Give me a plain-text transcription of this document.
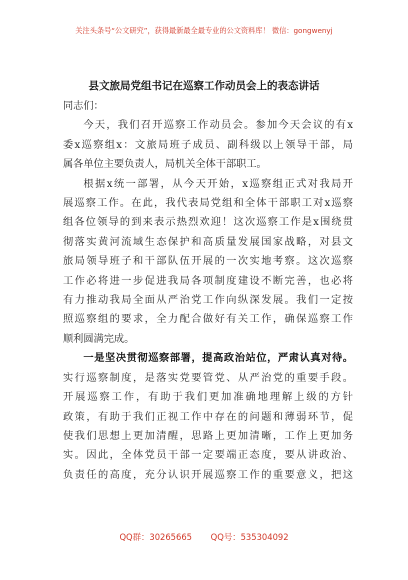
关注头条号“公文研究”，获得最新最全最专业的公文资料库！ 微信：gongwenyj
县文旅局党组书记在巡察工作动员会上的表态讲话

同志们：

今天，我们召开巡察工作动员会。参加今天会议的有x
委x巡察组x：文旅局班子成员、副科级以上领导干部，局
属各单位主要负责人，局机关全体干部职工。

根据x统一部署，从今天开始，x巡察组正式对我局开
展巡察工作。在此，我代表局党组和全体干部职工对x巡察
组各位领导的到来表示热烈欢迎！这次巡察工作是x围绕贯
彻落实黄河流域生态保护和高质量发展国家战略，对县文
旅局领导班子和干部队伍开展的一次实地考察。这次巡察
工作必将进一步促进我局各项制度建设不断完善，也必将
有力推动我局全面从严治党工作向纵深发展。我们一定按
照巡察组的要求，全力配合做好有关工作，确保巡察工作
顺利圆满完成。

一是坚决贯彻巡察部署，提高政治站位，严肃认真对待。
实行巡察制度，是落实党要管党、从严治党的重要手段。
开展巡察工作，有助于我们更加准确地理解上级的方针
政策，有助于我们正视工作中存在的问题和薄弱环节，促
使我们思想上更加清醒，思路上更加清晰，工作上更加务
实。因此，全体党员干部一定要端正态度，要从讲政治、
负责任的高度，充分认识开展巡察工作的重要意义，把这

QQ群：30265665 QQ号：535304092
